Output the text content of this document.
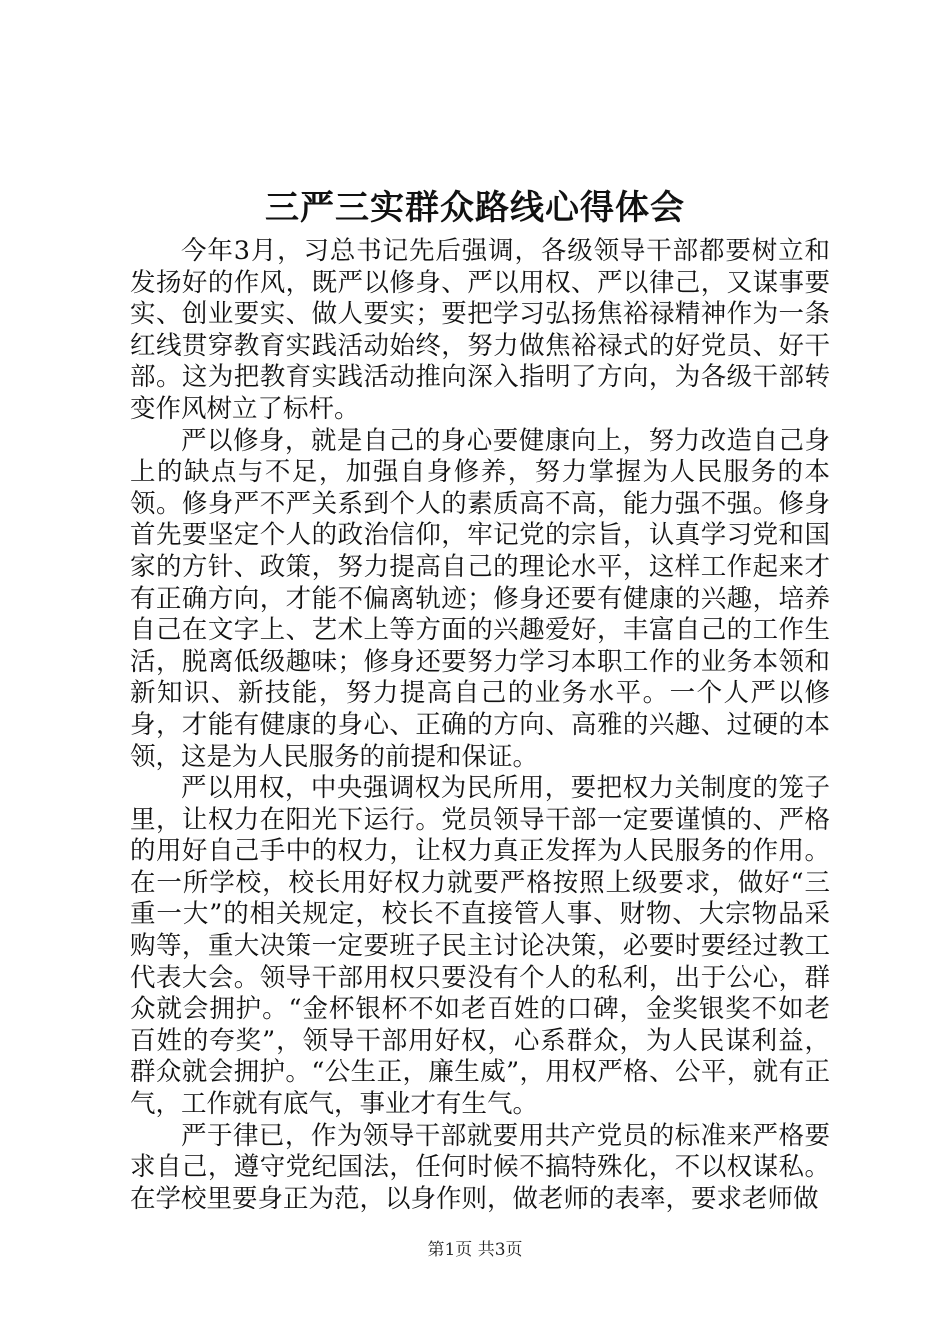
三严三实群众路线心得体会

今年3月，习总书记先后强调，各级领导干部都要树立和发扬好的作风，既严以修身、严以用权、严以律己，又谋事要实、创业要实、做人要实；要把学习弘扬焦裕禄精神作为一条红线贯穿教育实践活动始终，努力做焦裕禄式的好党员、好干部。这为把教育实践活动推向深入指明了方向，为各级干部转变作风树立了标杆。

严以修身，就是自己的身心要健康向上，努力改造自己身上的缺点与不足，加强自身修养，努力掌握为人民服务的本领。修身严不严关系到个人的素质高不高，能力强不强。修身首先要坚定个人的政治信仰，牢记党的宗旨，认真学习党和国家的方针、政策，努力提高自己的理论水平，这样工作起来才有正确方向，才能不偏离轨迹；修身还要有健康的兴趣，培养自己在文字上、艺术上等方面的兴趣爱好，丰富自己的工作生活，脱离低级趣味；修身还要努力学习本职工作的业务本领和新知识、新技能，努力提高自己的业务水平。一个人严以修身，才能有健康的身心、正确的方向、高雅的兴趣、过硬的本领，这是为人民服务的前提和保证。

严以用权，中央强调权为民所用，要把权力关制度的笼子里，让权力在阳光下运行。党员领导干部一定要谨慎的、严格的用好自己手中的权力，让权力真正发挥为人民服务的作用。在一所学校，校长用好权力就要严格按照上级要求，做好“三重一大”的相关规定，校长不直接管人事、财物、大宗物品采购等，重大决策一定要班子民主讨论决策，必要时要经过教工代表大会。领导干部用权只要没有个人的私利，出于公心，群众就会拥护。“金杯银杯不如老百姓的口碑，金奖银奖不如老百姓的夸奖”，领导干部用好权，心系群众，为人民谋利益，群众就会拥护。“公生正，廉生威”，用权严格、公平，就有正气，工作就有底气，事业才有生气。

严于律已，作为领导干部就要用共产党员的标准来严格要求自己，遵守党纪国法，任何时候不搞特殊化，不以权谋私。在学校里要身正为范，以身作则，做老师的表率，要求老师做

第1页 共3页
